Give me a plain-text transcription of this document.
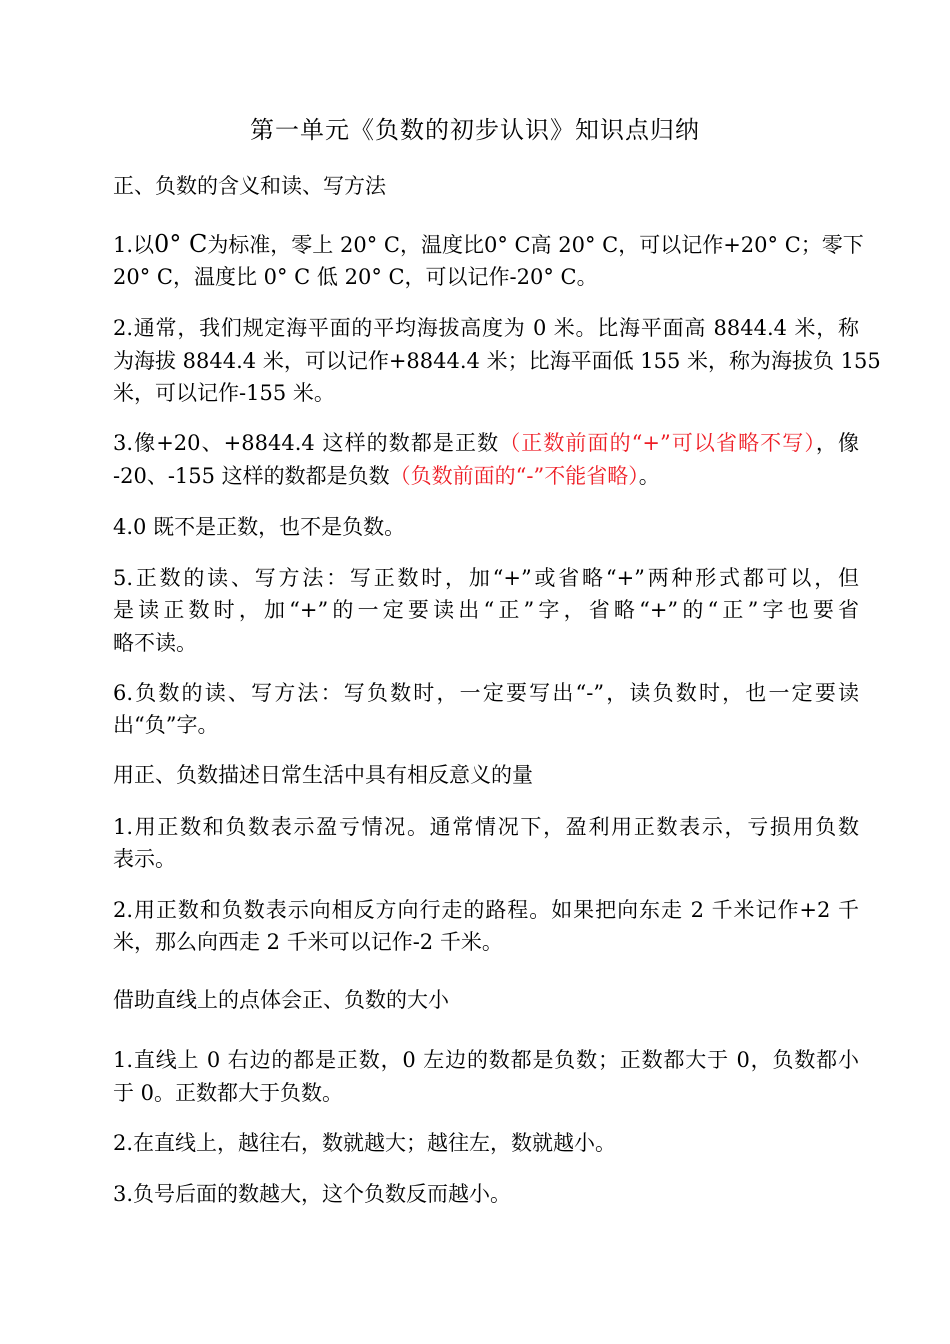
第一单元《负数的初步认识》知识点归纳
正、负数的含义和读、写方法
1.以0° C为标准，零上 20° C，温度比0° C高 20° C，可以记作+20° C；零下
20° C，温度比 0° C 低 20° C，可以记作-20° C。
2.通常，我们规定海平面的平均海拔高度为 0 米。比海平面高 8844.4 米，称
为海拔 8844.4 米，可以记作+8844.4 米；比海平面低 155 米，称为海拔负 155
米，可以记作-155 米。
3.像+20、+8844.4 这样的数都是正数（正数前面的“+”可以省略不写），像
-20、-155 这样的数都是负数（负数前面的“-”不能省略）。
4.0 既不是正数，也不是负数。
5.正数的读、写方法：写正数时，加“+”或省略“+”两种形式都可以，但
是读正数时，加“+”的一定要读出“正”字，省略“+”的“正”字也要省
略不读。
6.负数的读、写方法：写负数时，一定要写出“-”，读负数时，也一定要读
出“负”字。
用正、负数描述日常生活中具有相反意义的量
1.用正数和负数表示盈亏情况。通常情况下，盈利用正数表示，亏损用负数
表示。
2.用正数和负数表示向相反方向行走的路程。如果把向东走 2 千米记作+2 千
米，那么向西走 2 千米可以记作-2 千米。
借助直线上的点体会正、负数的大小
1.直线上 0 右边的都是正数，0 左边的数都是负数；正数都大于 0，负数都小
于 0。正数都大于负数。
2.在直线上，越往右，数就越大；越往左，数就越小。
3.负号后面的数越大，这个负数反而越小。
